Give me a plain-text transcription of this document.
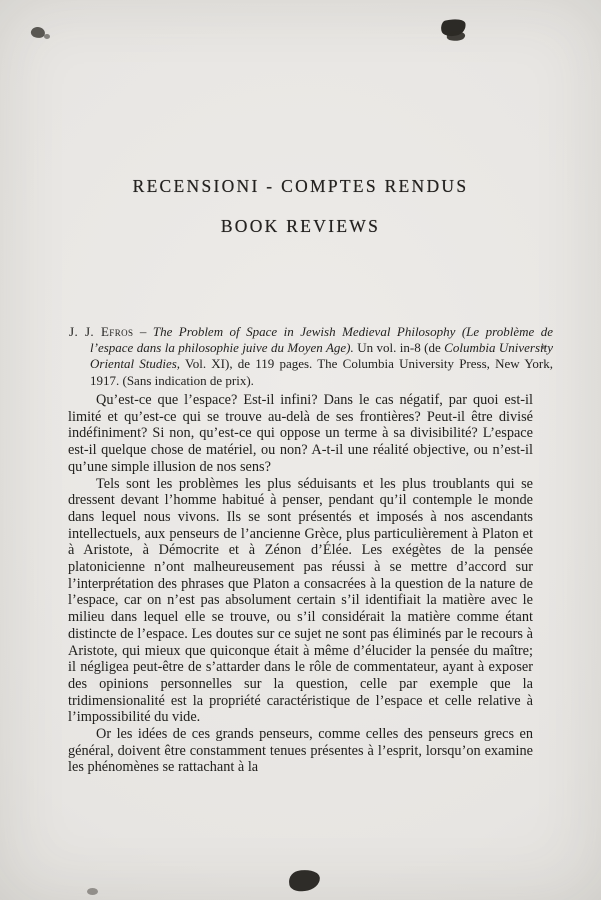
RECENSIONI - COMPTES RENDUS
BOOK REVIEWS

J. J. Efros – The Problem of Space in Jewish Medieval Philosophy (Le problème de l’espace dans la philosophie juive du Moyen Age). Un vol. in-8 (de Columbia University Oriental Studies, Vol. XI), de 119 pages. The Columbia University Press, New York, 1917. (Sans indication de prix).

Qu’est-ce que l’espace? Est-il infini? Dans le cas négatif, par quoi est-il limité et qu’est-ce qui se trouve au-delà de ses frontières? Peut-il être divisé indéfiniment? Si non, qu’est-ce qui oppose un terme à sa divisibilité? L’espace est-il quelque chose de matériel, ou non? A-t-il une réalité objective, ou n’est-il qu’une simple illusion de nos sens?

Tels sont les problèmes les plus séduisants et les plus troublants qui se dressent devant l’homme habitué à penser, pendant qu’il contemple le monde dans lequel nous vivons. Ils se sont présentés et imposés à nos ascendants intellectuels, aux penseurs de l’ancienne Grèce, plus particulièrement à Platon et à Aristote, à Démocrite et à Zénon d’Élée. Les exégètes de la pensée platonicienne n’ont malheureusement pas réussi à se mettre d’accord sur l’interprétation des phrases que Platon a consacrées à la question de la nature de l’espace, car on n’est pas absolument certain s’il identifiait la matière avec le milieu dans lequel elle se trouve, ou s’il considérait la matière comme étant distincte de l’espace. Les doutes sur ce sujet ne sont pas éliminés par le recours à Aristote, qui mieux que quiconque était à même d’élucider la pensée du maître; il négligea peut-être de s’attarder dans le rôle de commentateur, ayant à exposer des opinions personnelles sur la question, celle par exemple que la tridimensionalité est la propriété caractéristique de l’espace et celle relative à l’impossibilité du vide.

Or les idées de ces grands penseurs, comme celles des penseurs grecs en général, doivent être constamment tenues présentes à l’esprit, lorsqu’on examine les phénomènes se rattachant à la
